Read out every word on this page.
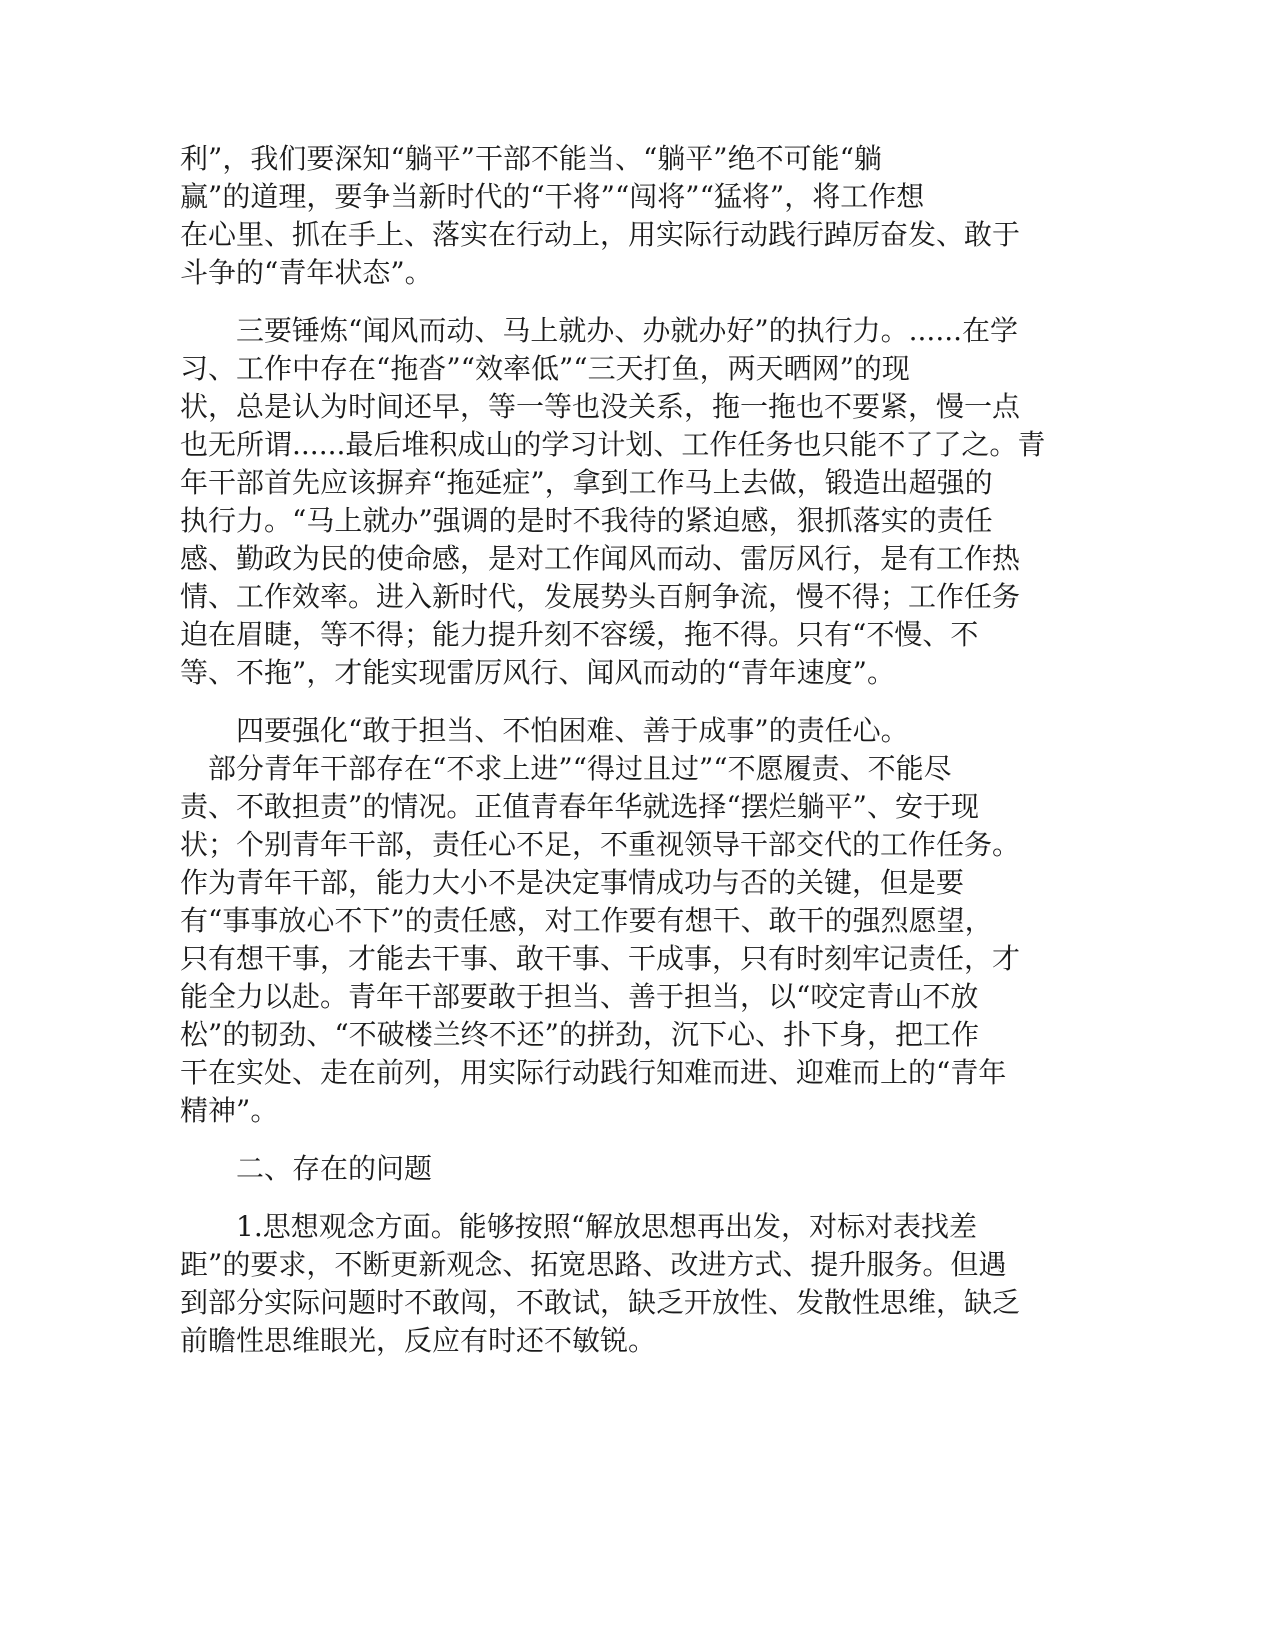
利”，我们要深知“躺平”干部不能当、“躺平”绝不可能“躺
赢”的道理，要争当新时代的“干将”“闯将”“猛将”，将工作想
在心里、抓在手上、落实在行动上，用实际行动践行踔厉奋发、敢于
斗争的“青年状态”。

三要锤炼“闻风而动、马上就办、办就办好”的执行力。......在学
习、工作中存在“拖沓”“效率低”“三天打鱼，两天晒网”的现
状，总是认为时间还早，等一等也没关系，拖一拖也不要紧，慢一点
也无所谓......最后堆积成山的学习计划、工作任务也只能不了了之。青
年干部首先应该摒弃“拖延症”，拿到工作马上去做，锻造出超强的
执行力。“马上就办”强调的是时不我待的紧迫感，狠抓落实的责任
感、勤政为民的使命感，是对工作闻风而动、雷厉风行，是有工作热
情、工作效率。进入新时代，发展势头百舸争流，慢不得；工作任务
迫在眉睫，等不得；能力提升刻不容缓，拖不得。只有“不慢、不
等、不拖”，才能实现雷厉风行、闻风而动的“青年速度”。

四要强化“敢于担当、不怕困难、善于成事”的责任心。
部分青年干部存在“不求上进”“得过且过”“不愿履责、不能尽
责、不敢担责”的情况。正值青春年华就选择“摆烂躺平”、安于现
状；个别青年干部，责任心不足，不重视领导干部交代的工作任务。
作为青年干部，能力大小不是决定事情成功与否的关键，但是要
有“事事放心不下”的责任感，对工作要有想干、敢干的强烈愿望，
只有想干事，才能去干事、敢干事、干成事，只有时刻牢记责任，才
能全力以赴。青年干部要敢于担当、善于担当，以“咬定青山不放
松”的韧劲、“不破楼兰终不还”的拼劲，沉下心、扑下身，把工作
干在实处、走在前列，用实际行动践行知难而进、迎难而上的“青年
精神”。

二、存在的问题

1.思想观念方面。能够按照“解放思想再出发，对标对表找差
距”的要求，不断更新观念、拓宽思路、改进方式、提升服务。但遇
到部分实际问题时不敢闯，不敢试，缺乏开放性、发散性思维，缺乏
前瞻性思维眼光，反应有时还不敏锐。
